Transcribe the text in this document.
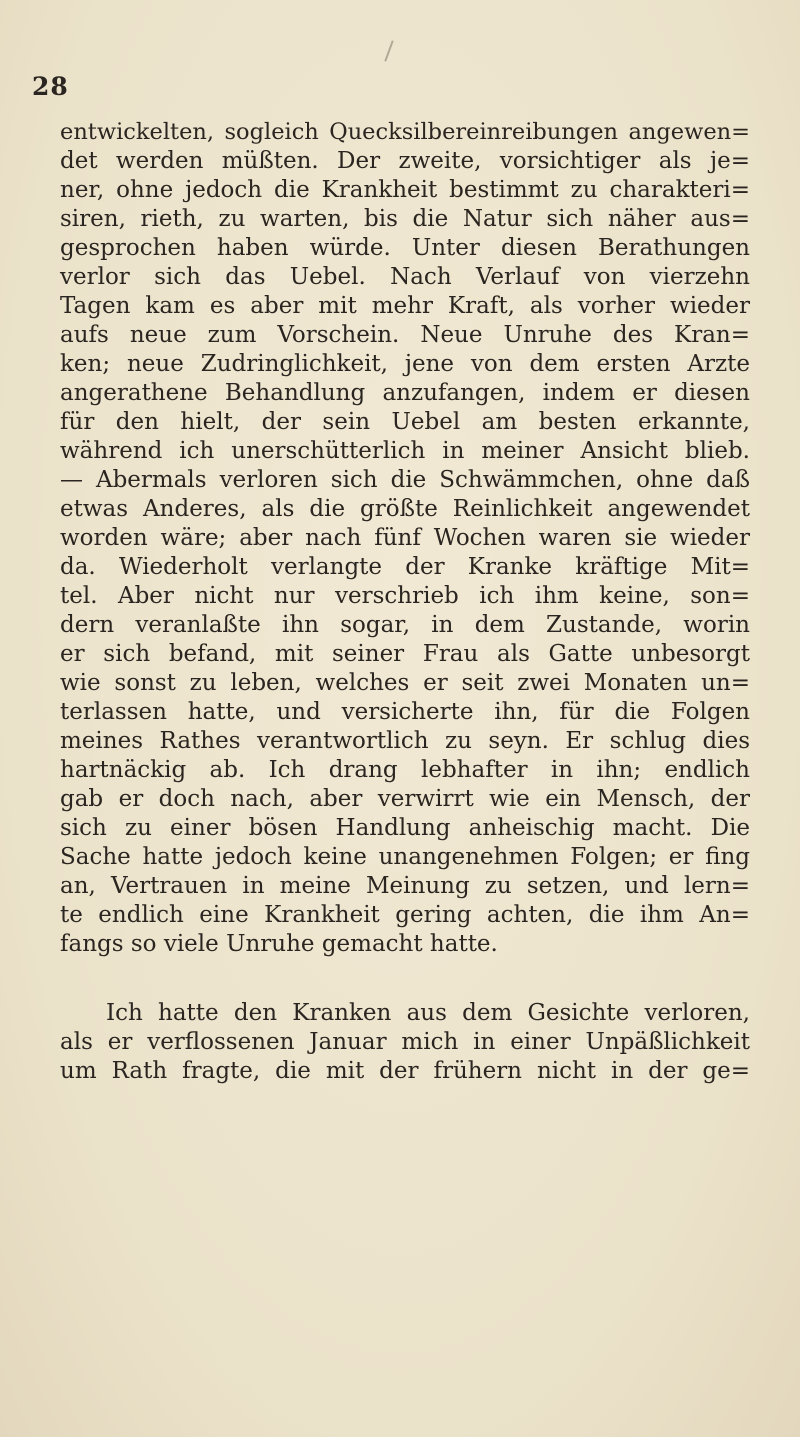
28

entwickelten, sogleich Quecksilbereinreibungen angewen=
det werden müßten. Der zweite, vorsichtiger als je=
ner, ohne jedoch die Krankheit bestimmt zu charakteri=
siren, rieth, zu warten, bis die Natur sich näher aus=
gesprochen haben würde. Unter diesen Berathungen
verlor sich das Uebel. Nach Verlauf von vierzehn
Tagen kam es aber mit mehr Kraft, als vorher wieder
aufs neue zum Vorschein. Neue Unruhe des Kran=
ken; neue Zudringlichkeit, jene von dem ersten Arzte
angerathene Behandlung anzufangen, indem er diesen
für den hielt, der sein Uebel am besten erkannte,
während ich unerschütterlich in meiner Ansicht blieb.
— Abermals verloren sich die Schwämmchen, ohne daß
etwas Anderes, als die größte Reinlichkeit angewendet
worden wäre; aber nach fünf Wochen waren sie wieder
da. Wiederholt verlangte der Kranke kräftige Mit=
tel. Aber nicht nur verschrieb ich ihm keine, son=
dern veranlaßte ihn sogar, in dem Zustande, worin
er sich befand, mit seiner Frau als Gatte unbesorgt
wie sonst zu leben, welches er seit zwei Monaten un=
terlassen hatte, und versicherte ihn, für die Folgen
meines Rathes verantwortlich zu seyn. Er schlug dies
hartnäckig ab. Ich drang lebhafter in ihn; endlich
gab er doch nach, aber verwirrt wie ein Mensch, der
sich zu einer bösen Handlung anheischig macht. Die
Sache hatte jedoch keine unangenehmen Folgen; er fing
an, Vertrauen in meine Meinung zu setzen, und lern=
te endlich eine Krankheit gering achten, die ihm An=
fangs so viele Unruhe gemacht hatte.

Ich hatte den Kranken aus dem Gesichte verloren,
als er verflossenen Januar mich in einer Unpäßlichkeit
um Rath fragte, die mit der frühern nicht in der ge=
